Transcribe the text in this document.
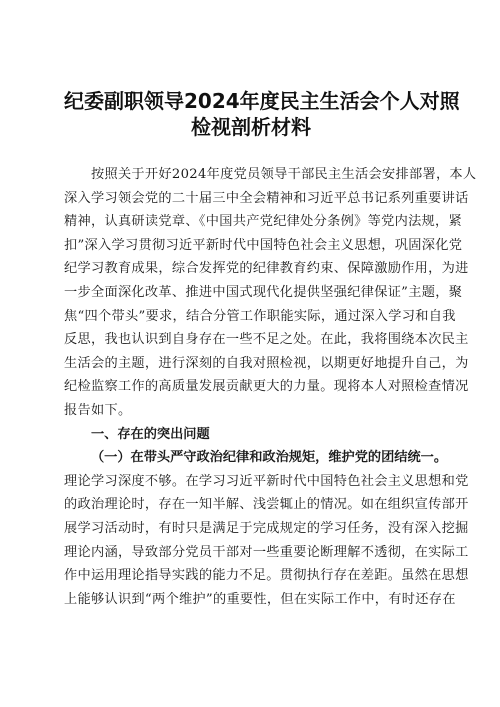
纪委副职领导2024年度民主生活会个人对照
检视剖析材料

　　按照关于开好2024年度党员领导干部民主生活会安排部署，本人
深入学习领会党的二十届三中全会精神和习近平总书记系列重要讲话
精神，认真研读党章、《中国共产党纪律处分条例》等党内法规，紧
扣”深入学习贯彻习近平新时代中国特色社会主义思想，巩固深化党
纪学习教育成果，综合发挥党的纪律教育约束、保障激励作用，为进
一步全面深化改革、推进中国式现代化提供坚强纪律保证”主题，聚
焦“四个带头”要求，结合分管工作职能实际，通过深入学习和自我
反思，我也认识到自身存在一些不足之处。在此，我将围绕本次民主
生活会的主题，进行深刻的自我对照检视，以期更好地提升自己，为
纪检监察工作的高质量发展贡献更大的力量。现将本人对照检查情况
报告如下。

一、存在的突出问题
（一）在带头严守政治纪律和政治规矩，维护党的团结统一。

理论学习深度不够。在学习习近平新时代中国特色社会主义思想和党
的政治理论时，存在一知半解、浅尝辄止的情况。如在组织宣传部开
展学习活动时，有时只是满足于完成规定的学习任务，没有深入挖掘
理论内涵，导致部分党员干部对一些重要论断理解不透彻，在实际工
作中运用理论指导实践的能力不足。贯彻执行存在差距。虽然在思想
上能够认识到“两个维护”的重要性，但在实际工作中，有时还存在
